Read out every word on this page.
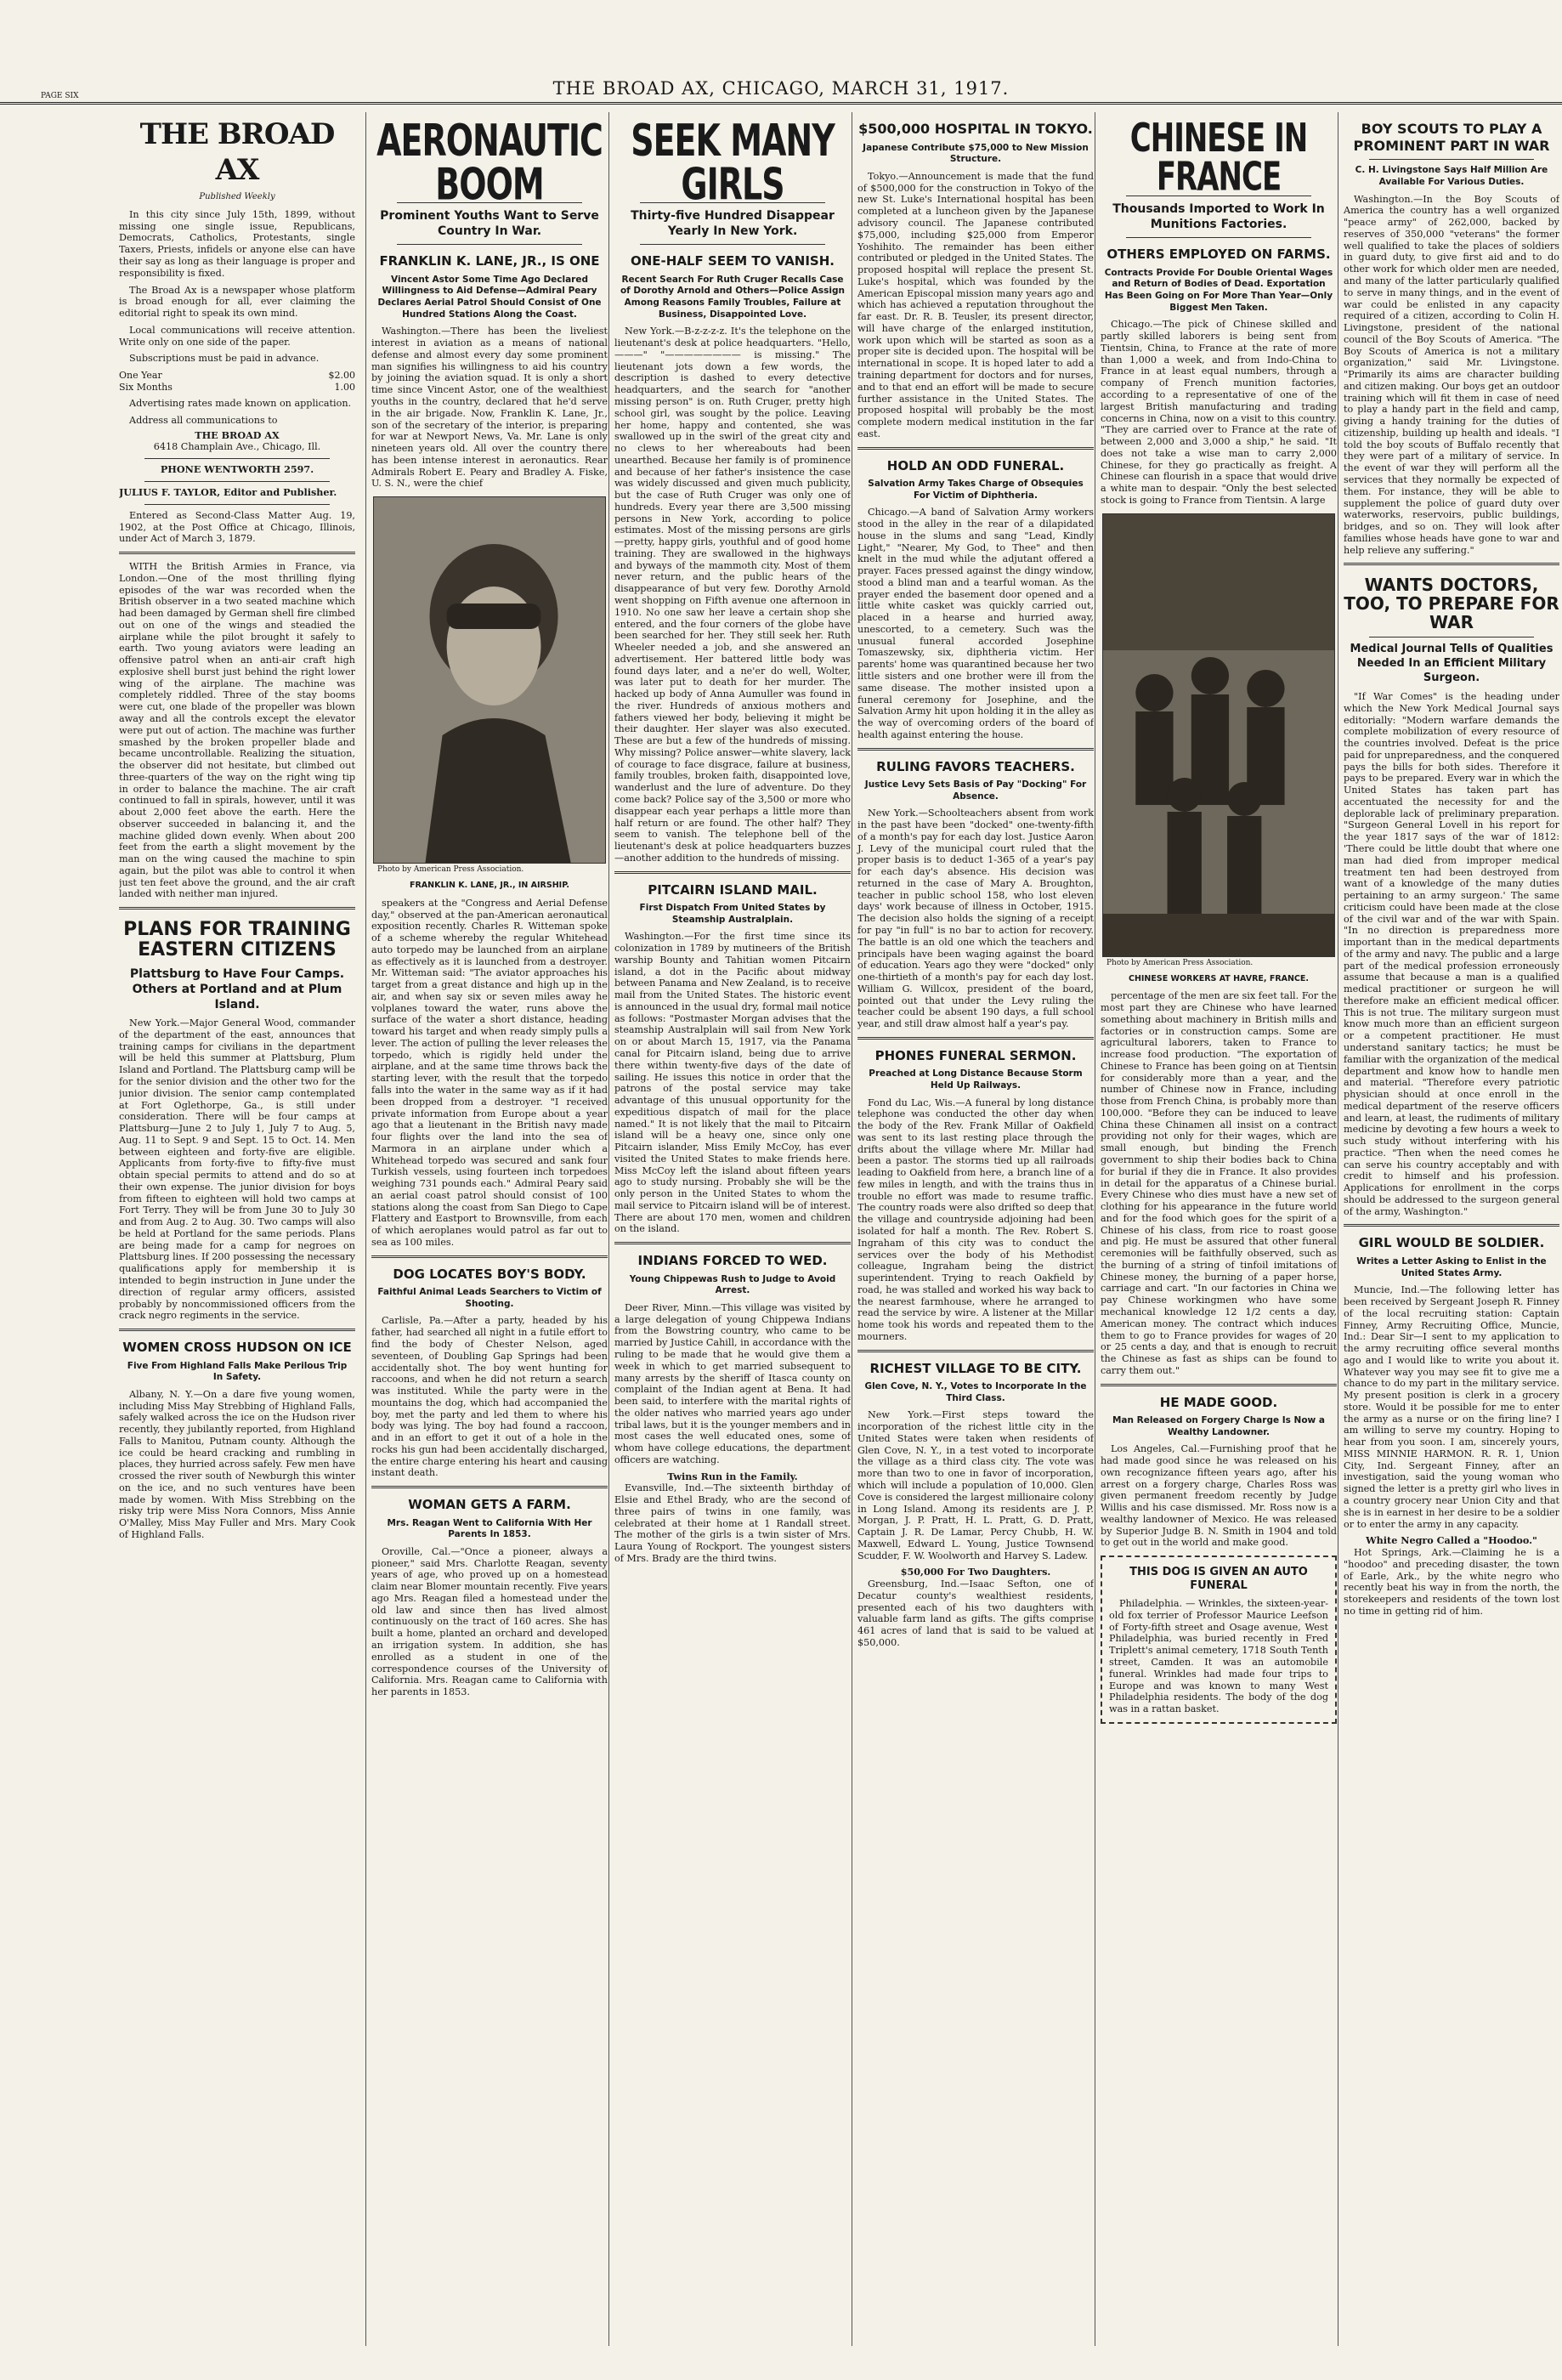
PAGE SIX	THE BROAD AX, CHICAGO, MARCH 31, 1917.
THE BROAD AX
Published Weekly

In this city since July 15th, 1899, without missing one single issue, Republicans, Democrats, Catholics, Protestants, single Taxers, Priests, infidels or anyone else can have their say as long as their language is proper and responsibility is fixed.

The Broad Ax is a newspaper whose platform is broad enough for all, ever claiming the editorial right to speak its own mind.

Local communications will receive attention. Write only on one side of the paper.

Subscriptions must be paid in advance.

One Year	$2.00
Six Months	1.00

Advertising rates made known on application.

Address all communications to

THE BROAD AX
6418 Champlain Ave., Chicago, Ill.
PHONE WENTWORTH 2597.
JULIUS F. TAYLOR, Editor and Publisher.

Entered as Second-Class Matter Aug. 19, 1902, at the Post Office at Chicago, Illinois, under Act of March 3, 1879.

WITH the British Armies in France, via London.—One of the most thrilling flying episodes of the war was recorded when the British observer in a two seated machine which had been damaged by German shell fire climbed out on one of the wings and steadied the airplane while the pilot brought it safely to earth. Two young aviators were leading an offensive patrol when an anti-air craft high explosive shell burst just behind the right lower wing of the airplane. The machine was completely riddled. Three of the stay booms were cut, one blade of the propeller was blown away and all the controls except the elevator were put out of action. The machine was further smashed by the broken propeller blade and became uncontrollable. Realizing the situation, the observer did not hesitate, but climbed out three-quarters of the way on the right wing tip in order to balance the machine. The air craft continued to fall in spirals, however, until it was about 2,000 feet above the earth. Here the observer succeeded in balancing it, and the machine glided down evenly. When about 200 feet from the earth a slight movement by the man on the wing caused the machine to spin again, but the pilot was able to control it when just ten feet above the ground, and the air craft landed with neither man injured.

PLANS FOR TRAINING EASTERN CITIZENS
Plattsburg to Have Four Camps. Others at Portland and at Plum Island.

New York.—Major General Wood, commander of the department of the east, announces that training camps for civilians in the department will be held this summer at Plattsburg, Plum Island and Portland. The Plattsburg camp will be for the senior division and the other two for the junior division. The senior camp contemplated at Fort Oglethorpe, Ga., is still under consideration. There will be four camps at Plattsburg—June 2 to July 1, July 7 to Aug. 5, Aug. 11 to Sept. 9 and Sept. 15 to Oct. 14. Men between eighteen and forty-five are eligible. Applicants from forty-five to fifty-five must obtain special permits to attend and do so at their own expense. The junior division for boys from fifteen to eighteen will hold two camps at Fort Terry. They will be from June 30 to July 30 and from Aug. 2 to Aug. 30. Two camps will also be held at Portland for the same periods. Plans are being made for a camp for negroes on Plattsburg lines. If 200 possessing the necessary qualifications apply for membership it is intended to begin instruction in June under the direction of regular army officers, assisted probably by noncommissioned officers from the crack negro regiments in the service.

WOMEN CROSS HUDSON ON ICE
Five From Highland Falls Make Perilous Trip In Safety.

Albany, N. Y.—On a dare five young women, including Miss May Strebbing of Highland Falls, safely walked across the ice on the Hudson river recently, they jubilantly reported, from Highland Falls to Manitou, Putnam county. Although the ice could be heard cracking and rumbling in places, they hurried across safely. Few men have crossed the river south of Newburgh this winter on the ice, and no such ventures have been made by women. With Miss Strebbing on the risky trip were Miss Nora Connors, Miss Annie O'Malley, Miss May Fuller and Mrs. Mary Cook of Highland Falls.

AERONAUTIC BOOM
Prominent Youths Want to Serve Country In War.
FRANKLIN K. LANE, JR., IS ONE
Vincent Astor Some Time Ago Declared Willingness to Aid Defense—Admiral Peary Declares Aerial Patrol Should Consist of One Hundred Stations Along the Coast.

Washington.—There has been the liveliest interest in aviation as a means of national defense and almost every day some prominent man signifies his willingness to aid his country by joining the aviation squad. It is only a short time since Vincent Astor, one of the wealthiest youths in the country, declared that he'd serve in the air brigade. Now, Franklin K. Lane, Jr., son of the secretary of the interior, is preparing for war at Newport News, Va. Mr. Lane is only nineteen years old. All over the country there has been intense interest in aeronautics. Rear Admirals Robert E. Peary and Bradley A. Fiske, U. S. N., were the chief

Photo by American Press Association.
FRANKLIN K. LANE, JR., IN AIRSHIP.

speakers at the "Congress and Aerial Defense day," observed at the pan-American aeronautical exposition recently. Charles R. Witteman spoke of a scheme whereby the regular Whitehead auto torpedo may be launched from an airplane as effectively as it is launched from a destroyer. Mr. Witteman said: "The aviator approaches his target from a great distance and high up in the air, and when say six or seven miles away he volplanes toward the water, runs above the surface of the water a short distance, heading toward his target and when ready simply pulls a lever. The action of pulling the lever releases the torpedo, which is rigidly held under the airplane, and at the same time throws back the starting lever, with the result that the torpedo falls into the water in the same way as if it had been dropped from a destroyer. "I received private information from Europe about a year ago that a lieutenant in the British navy made four flights over the land into the sea of Marmora in an airplane under which a Whitehead torpedo was secured and sank four Turkish vessels, using fourteen inch torpedoes weighing 731 pounds each." Admiral Peary said an aerial coast patrol should consist of 100 stations along the coast from San Diego to Cape Flattery and Eastport to Brownsville, from each of which aeroplanes would patrol as far out to sea as 100 miles.

DOG LOCATES BOY'S BODY.
Faithful Animal Leads Searchers to Victim of Shooting.

Carlisle, Pa.—After a party, headed by his father, had searched all night in a futile effort to find the body of Chester Nelson, aged seventeen, of Doubling Gap Springs had been accidentally shot. The boy went hunting for raccoons, and when he did not return a search was instituted. While the party were in the mountains the dog, which had accompanied the boy, met the party and led them to where his body was lying. The boy had found a raccoon, and in an effort to get it out of a hole in the rocks his gun had been accidentally discharged, the entire charge entering his heart and causing instant death.

WOMAN GETS A FARM.
Mrs. Reagan Went to California With Her Parents In 1853.

Oroville, Cal.—"Once a pioneer, always a pioneer," said Mrs. Charlotte Reagan, seventy years of age, who proved up on a homestead claim near Blomer mountain recently. Five years ago Mrs. Reagan filed a homestead under the old law and since then has lived almost continuously on the tract of 160 acres. She has built a home, planted an orchard and developed an irrigation system. In addition, she has enrolled as a student in one of the correspondence courses of the University of California. Mrs. Reagan came to California with her parents in 1853.

SEEK MANY GIRLS
Thirty-five Hundred Disappear Yearly In New York.
ONE-HALF SEEM TO VANISH.
Recent Search For Ruth Cruger Recalls Case of Dorothy Arnold and Others—Police Assign Among Reasons Family Troubles, Failure at Business, Disappointed Love.

New York.—B-z-z-z-z. It's the telephone on the lieutenant's desk at police headquarters. "Hello, ———" "———————— is missing." The lieutenant jots down a few words, the description is dashed to every detective headquarters, and the search for "another missing person" is on. Ruth Cruger, pretty high school girl, was sought by the police. Leaving her home, happy and contented, she was swallowed up in the swirl of the great city and no clews to her whereabouts had been unearthed. Because her family is of prominence and because of her father's insistence the case was widely discussed and given much publicity, but the case of Ruth Cruger was only one of hundreds. Every year there are 3,500 missing persons in New York, according to police estimates. Most of the missing persons are girls—pretty, happy girls, youthful and of good home training. They are swallowed in the highways and byways of the mammoth city. Most of them never return, and the public hears of the disappearance of but very few. Dorothy Arnold went shopping on Fifth avenue one afternoon in 1910. No one saw her leave a certain shop she entered, and the four corners of the globe have been searched for her. They still seek her. Ruth Wheeler needed a job, and she answered an advertisement. Her battered little body was found days later, and a ne'er do well, Wolter, was later put to death for her murder. The hacked up body of Anna Aumuller was found in the river. Hundreds of anxious mothers and fathers viewed her body, believing it might be their daughter. Her slayer was also executed. These are but a few of the hundreds of missing. Why missing? Police answer—white slavery, lack of courage to face disgrace, failure at business, family troubles, broken faith, disappointed love, wanderlust and the lure of adventure. Do they come back? Police say of the 3,500 or more who disappear each year perhaps a little more than half return or are found. The other half? They seem to vanish. The telephone bell of the lieutenant's desk at police headquarters buzzes—another addition to the hundreds of missing.

PITCAIRN ISLAND MAIL.
First Dispatch From United States by Steamship Australplain.

Washington.—For the first time since its colonization in 1789 by mutineers of the British warship Bounty and Tahitian women Pitcairn island, a dot in the Pacific about midway between Panama and New Zealand, is to receive mail from the United States. The historic event is announced in the usual dry, formal mail notice as follows: "Postmaster Morgan advises that the steamship Australplain will sail from New York on or about March 15, 1917, via the Panama canal for Pitcairn island, being due to arrive there within twenty-five days of the date of sailing. He issues this notice in order that the patrons of the postal service may take advantage of this unusual opportunity for the expeditious dispatch of mail for the place named." It is not likely that the mail to Pitcairn island will be a heavy one, since only one Pitcairn islander, Miss Emily McCoy, has ever visited the United States to make friends here. Miss McCoy left the island about fifteen years ago to study nursing. Probably she will be the only person in the United States to whom the mail service to Pitcairn island will be of interest. There are about 170 men, women and children on the island.

INDIANS FORCED TO WED.
Young Chippewas Rush to Judge to Avoid Arrest.

Deer River, Minn.—This village was visited by a large delegation of young Chippewa Indians from the Bowstring country, who came to be married by Justice Cahill, in accordance with the ruling to be made that he would give them a week in which to get married subsequent to many arrests by the sheriff of Itasca county on complaint of the Indian agent at Bena. It had been said, to interfere with the marital rights of the older natives who married years ago under tribal laws, but it is the younger members and in most cases the well educated ones, some of whom have college educations, the department officers are watching.

Twins Run in the Family.

Evansville, Ind.—The sixteenth birthday of Elsie and Ethel Brady, who are the second of three pairs of twins in one family, was celebrated at their home at 1 Randall street. The mother of the girls is a twin sister of Mrs. Laura Young of Rockport. The youngest sisters of Mrs. Brady are the third twins.

$500,000 HOSPITAL IN TOKYO.
Japanese Contribute $75,000 to New Mission Structure.

Tokyo.—Announcement is made that the fund of $500,000 for the construction in Tokyo of the new St. Luke's International hospital has been completed at a luncheon given by the Japanese advisory council. The Japanese contributed $75,000, including $25,000 from Emperor Yoshihito. The remainder has been either contributed or pledged in the United States. The proposed hospital will replace the present St. Luke's hospital, which was founded by the American Episcopal mission many years ago and which has achieved a reputation throughout the far east. Dr. R. B. Teusler, its present director, will have charge of the enlarged institution, work upon which will be started as soon as a proper site is decided upon. The hospital will be international in scope. It is hoped later to add a training department for doctors and for nurses, and to that end an effort will be made to secure further assistance in the United States. The proposed hospital will probably be the most complete modern medical institution in the far east.

HOLD AN ODD FUNERAL.
Salvation Army Takes Charge of Obsequies For Victim of Diphtheria.

Chicago.—A band of Salvation Army workers stood in the alley in the rear of a dilapidated house in the slums and sang "Lead, Kindly Light," "Nearer, My God, to Thee" and then knelt in the mud while the adjutant offered a prayer. Faces pressed against the dingy window, stood a blind man and a tearful woman. As the prayer ended the basement door opened and a little white casket was quickly carried out, placed in a hearse and hurried away, unescorted, to a cemetery. Such was the unusual funeral accorded Josephine Tomaszewsky, six, diphtheria victim. Her parents' home was quarantined because her two little sisters and one brother were ill from the same disease. The mother insisted upon a funeral ceremony for Josephine, and the Salvation Army hit upon holding it in the alley as the way of overcoming orders of the board of health against entering the house.

RULING FAVORS TEACHERS.
Justice Levy Sets Basis of Pay "Docking" For Absence.

New York.—Schoolteachers absent from work in the past have been "docked" one-twenty-fifth of a month's pay for each day lost. Justice Aaron J. Levy of the municipal court ruled that the proper basis is to deduct 1-365 of a year's pay for each day's absence. His decision was returned in the case of Mary A. Broughton, teacher in public school 158, who lost eleven days' work because of illness in October, 1915. The decision also holds the signing of a receipt for pay "in full" is no bar to action for recovery. The battle is an old one which the teachers and principals have been waging against the board of education. Years ago they were "docked" only one-thirtieth of a month's pay for each day lost. William G. Willcox, president of the board, pointed out that under the Levy ruling the teacher could be absent 190 days, a full school year, and still draw almost half a year's pay.

PHONES FUNERAL SERMON.
Preached at Long Distance Because Storm Held Up Railways.

Fond du Lac, Wis.—A funeral by long distance telephone was conducted the other day when the body of the Rev. Frank Millar of Oakfield was sent to its last resting place through the drifts about the village where Mr. Millar had been a pastor. The storms tied up all railroads leading to Oakfield from here, a branch line of a few miles in length, and with the trains thus in trouble no effort was made to resume traffic. The country roads were also drifted so deep that the village and countryside adjoining had been isolated for half a month. The Rev. Robert S. Ingraham of this city was to conduct the services over the body of his Methodist colleague, Ingraham being the district superintendent. Trying to reach Oakfield by road, he was stalled and worked his way back to the nearest farmhouse, where he arranged to read the service by wire. A listener at the Millar home took his words and repeated them to the mourners.

RICHEST VILLAGE TO BE CITY.
Glen Cove, N. Y., Votes to Incorporate In the Third Class.

New York.—First steps toward the incorporation of the richest little city in the United States were taken when residents of Glen Cove, N. Y., in a test voted to incorporate the village as a third class city. The vote was more than two to one in favor of incorporation, which will include a population of 10,000. Glen Cove is considered the largest millionaire colony in Long Island. Among its residents are J. P. Morgan, J. P. Pratt, H. L. Pratt, G. D. Pratt, Captain J. R. De Lamar, Percy Chubb, H. W. Maxwell, Edward L. Young, Justice Townsend Scudder, F. W. Woolworth and Harvey S. Ladew.

$50,000 For Two Daughters.

Greensburg, Ind.—Isaac Sefton, one of Decatur county's wealthiest residents, presented each of his two daughters with valuable farm land as gifts. The gifts comprise 461 acres of land that is said to be valued at $50,000.

CHINESE IN FRANCE
Thousands Imported to Work In Munitions Factories.
OTHERS EMPLOYED ON FARMS.
Contracts Provide For Double Oriental Wages and Return of Bodies of Dead. Exportation Has Been Going on For More Than Year—Only Biggest Men Taken.

Chicago.—The pick of Chinese skilled and partly skilled laborers is being sent from Tientsin, China, to France at the rate of more than 1,000 a week, and from Indo-China to France in at least equal numbers, through a company of French munition factories, according to a representative of one of the largest British manufacturing and trading concerns in China, now on a visit to this country. "They are carried over to France at the rate of between 2,000 and 3,000 a ship," he said. "It does not take a wise man to carry 2,000 Chinese, for they go practically as freight. A Chinese can flourish in a space that would drive a white man to despair. "Only the best selected stock is going to France from Tientsin. A large

Photo by American Press Association.
CHINESE WORKERS AT HAVRE, FRANCE.

percentage of the men are six feet tall. For the most part they are Chinese who have learned something about machinery in British mills and factories or in construction camps. Some are agricultural laborers, taken to France to increase food production. "The exportation of Chinese to France has been going on at Tientsin for considerably more than a year, and the number of Chinese now in France, including those from French China, is probably more than 100,000. "Before they can be induced to leave China these Chinamen all insist on a contract providing not only for their wages, which are small enough, but binding the French government to ship their bodies back to China for burial if they die in France. It also provides in detail for the apparatus of a Chinese burial. Every Chinese who dies must have a new set of clothing for his appearance in the future world and for the food which goes for the spirit of a Chinese of his class, from rice to roast goose and pig. He must be assured that other funeral ceremonies will be faithfully observed, such as the burning of a string of tinfoil imitations of Chinese money, the burning of a paper horse, carriage and cart. "In our factories in China we pay Chinese workingmen who have some mechanical knowledge 12 1/2 cents a day, American money. The contract which induces them to go to France provides for wages of 20 or 25 cents a day, and that is enough to recruit the Chinese as fast as ships can be found to carry them out."

HE MADE GOOD.
Man Released on Forgery Charge Is Now a Wealthy Landowner.

Los Angeles, Cal.—Furnishing proof that he had made good since he was released on his own recognizance fifteen years ago, after his arrest on a forgery charge, Charles Ross was given permanent freedom recently by Judge Willis and his case dismissed. Mr. Ross now is a wealthy landowner of Mexico. He was released by Superior Judge B. N. Smith in 1904 and told to get out in the world and make good.

THIS DOG IS GIVEN AN AUTO FUNERAL

Philadelphia. — Wrinkles, the sixteen-year-old fox terrier of Professor Maurice Leefson of Forty-fifth street and Osage avenue, West Philadelphia, was buried recently in Fred Triplett's animal cemetery, 1718 South Tenth street, Camden. It was an automobile funeral. Wrinkles had made four trips to Europe and was known to many West Philadelphia residents. The body of the dog was in a rattan basket.

BOY SCOUTS TO PLAY A PROMINENT PART IN WAR
C. H. Livingstone Says Half Million Are Available For Various Duties.

Washington.—In the Boy Scouts of America the country has a well organized "peace army" of 262,000, backed by reserves of 350,000 "veterans" the former well qualified to take the places of soldiers in guard duty, to give first aid and to do other work for which older men are needed, and many of the latter particularly qualified to serve in many things, and in the event of war could be enlisted in any capacity required of a citizen, according to Colin H. Livingstone, president of the national council of the Boy Scouts of America. "The Boy Scouts of America is not a military organization," said Mr. Livingstone. "Primarily its aims are character building and citizen making. Our boys get an outdoor training which will fit them in case of need to play a handy part in the field and camp, giving a handy training for the duties of citizenship, building up health and ideals. "I told the boy scouts of Buffalo recently that they were part of a military of service. In the event of war they will perform all the services that they normally be expected of them. For instance, they will be able to supplement the police of guard duty over waterworks, reservoirs, public buildings, bridges, and so on. They will look after families whose heads have gone to war and help relieve any suffering."

WANTS DOCTORS, TOO, TO PREPARE FOR WAR
Medical Journal Tells of Qualities Needed In an Efficient Military Surgeon.

"If War Comes" is the heading under which the New York Medical Journal says editorially: "Modern warfare demands the complete mobilization of every resource of the countries involved. Defeat is the price paid for unpreparedness, and the conquered pays the bills for both sides. Therefore it pays to be prepared. Every war in which the United States has taken part has accentuated the necessity for and the deplorable lack of preliminary preparation. "Surgeon General Lovell in his report for the year 1817 says of the war of 1812: 'There could be little doubt that where one man had died from improper medical treatment ten had been destroyed from want of a knowledge of the many duties pertaining to an army surgeon.' The same criticism could have been made at the close of the civil war and of the war with Spain. "In no direction is preparedness more important than in the medical departments of the army and navy. The public and a large part of the medical profession erroneously assume that because a man is a qualified medical practitioner or surgeon he will therefore make an efficient medical officer. This is not true. The military surgeon must know much more than an efficient surgeon or a competent practitioner. He must understand sanitary tactics; he must be familiar with the organization of the medical department and know how to handle men and material. "Therefore every patriotic physician should at once enroll in the medical department of the reserve officers and learn, at least, the rudiments of military medicine by devoting a few hours a week to such study without interfering with his practice. "Then when the need comes he can serve his country acceptably and with credit to himself and his profession. Applications for enrollment in the corps should be addressed to the surgeon general of the army, Washington."

GIRL WOULD BE SOLDIER.
Writes a Letter Asking to Enlist in the United States Army.

Muncie, Ind.—The following letter has been received by Sergeant Joseph R. Finney of the local recruiting station: Captain Finney, Army Recruiting Office, Muncie, Ind.: Dear Sir—I sent to my application to the army recruiting office several months ago and I would like to write you about it. Whatever way you may see fit to give me a chance to do my part in the military service. My present position is clerk in a grocery store. Would it be possible for me to enter the army as a nurse or on the firing line? I am willing to serve my country. Hoping to hear from you soon. I am, sincerely yours, MISS MINNIE HARMON. R. R. 1, Union City, Ind. Sergeant Finney, after an investigation, said the young woman who signed the letter is a pretty girl who lives in a country grocery near Union City and that she is in earnest in her desire to be a soldier or to enter the army in any capacity.

White Negro Called a "Hoodoo."

Hot Springs, Ark.—Claiming he is a "hoodoo" and preceding disaster, the town of Earle, Ark., by the white negro who recently beat his way in from the north, the storekeepers and residents of the town lost no time in getting rid of him.
